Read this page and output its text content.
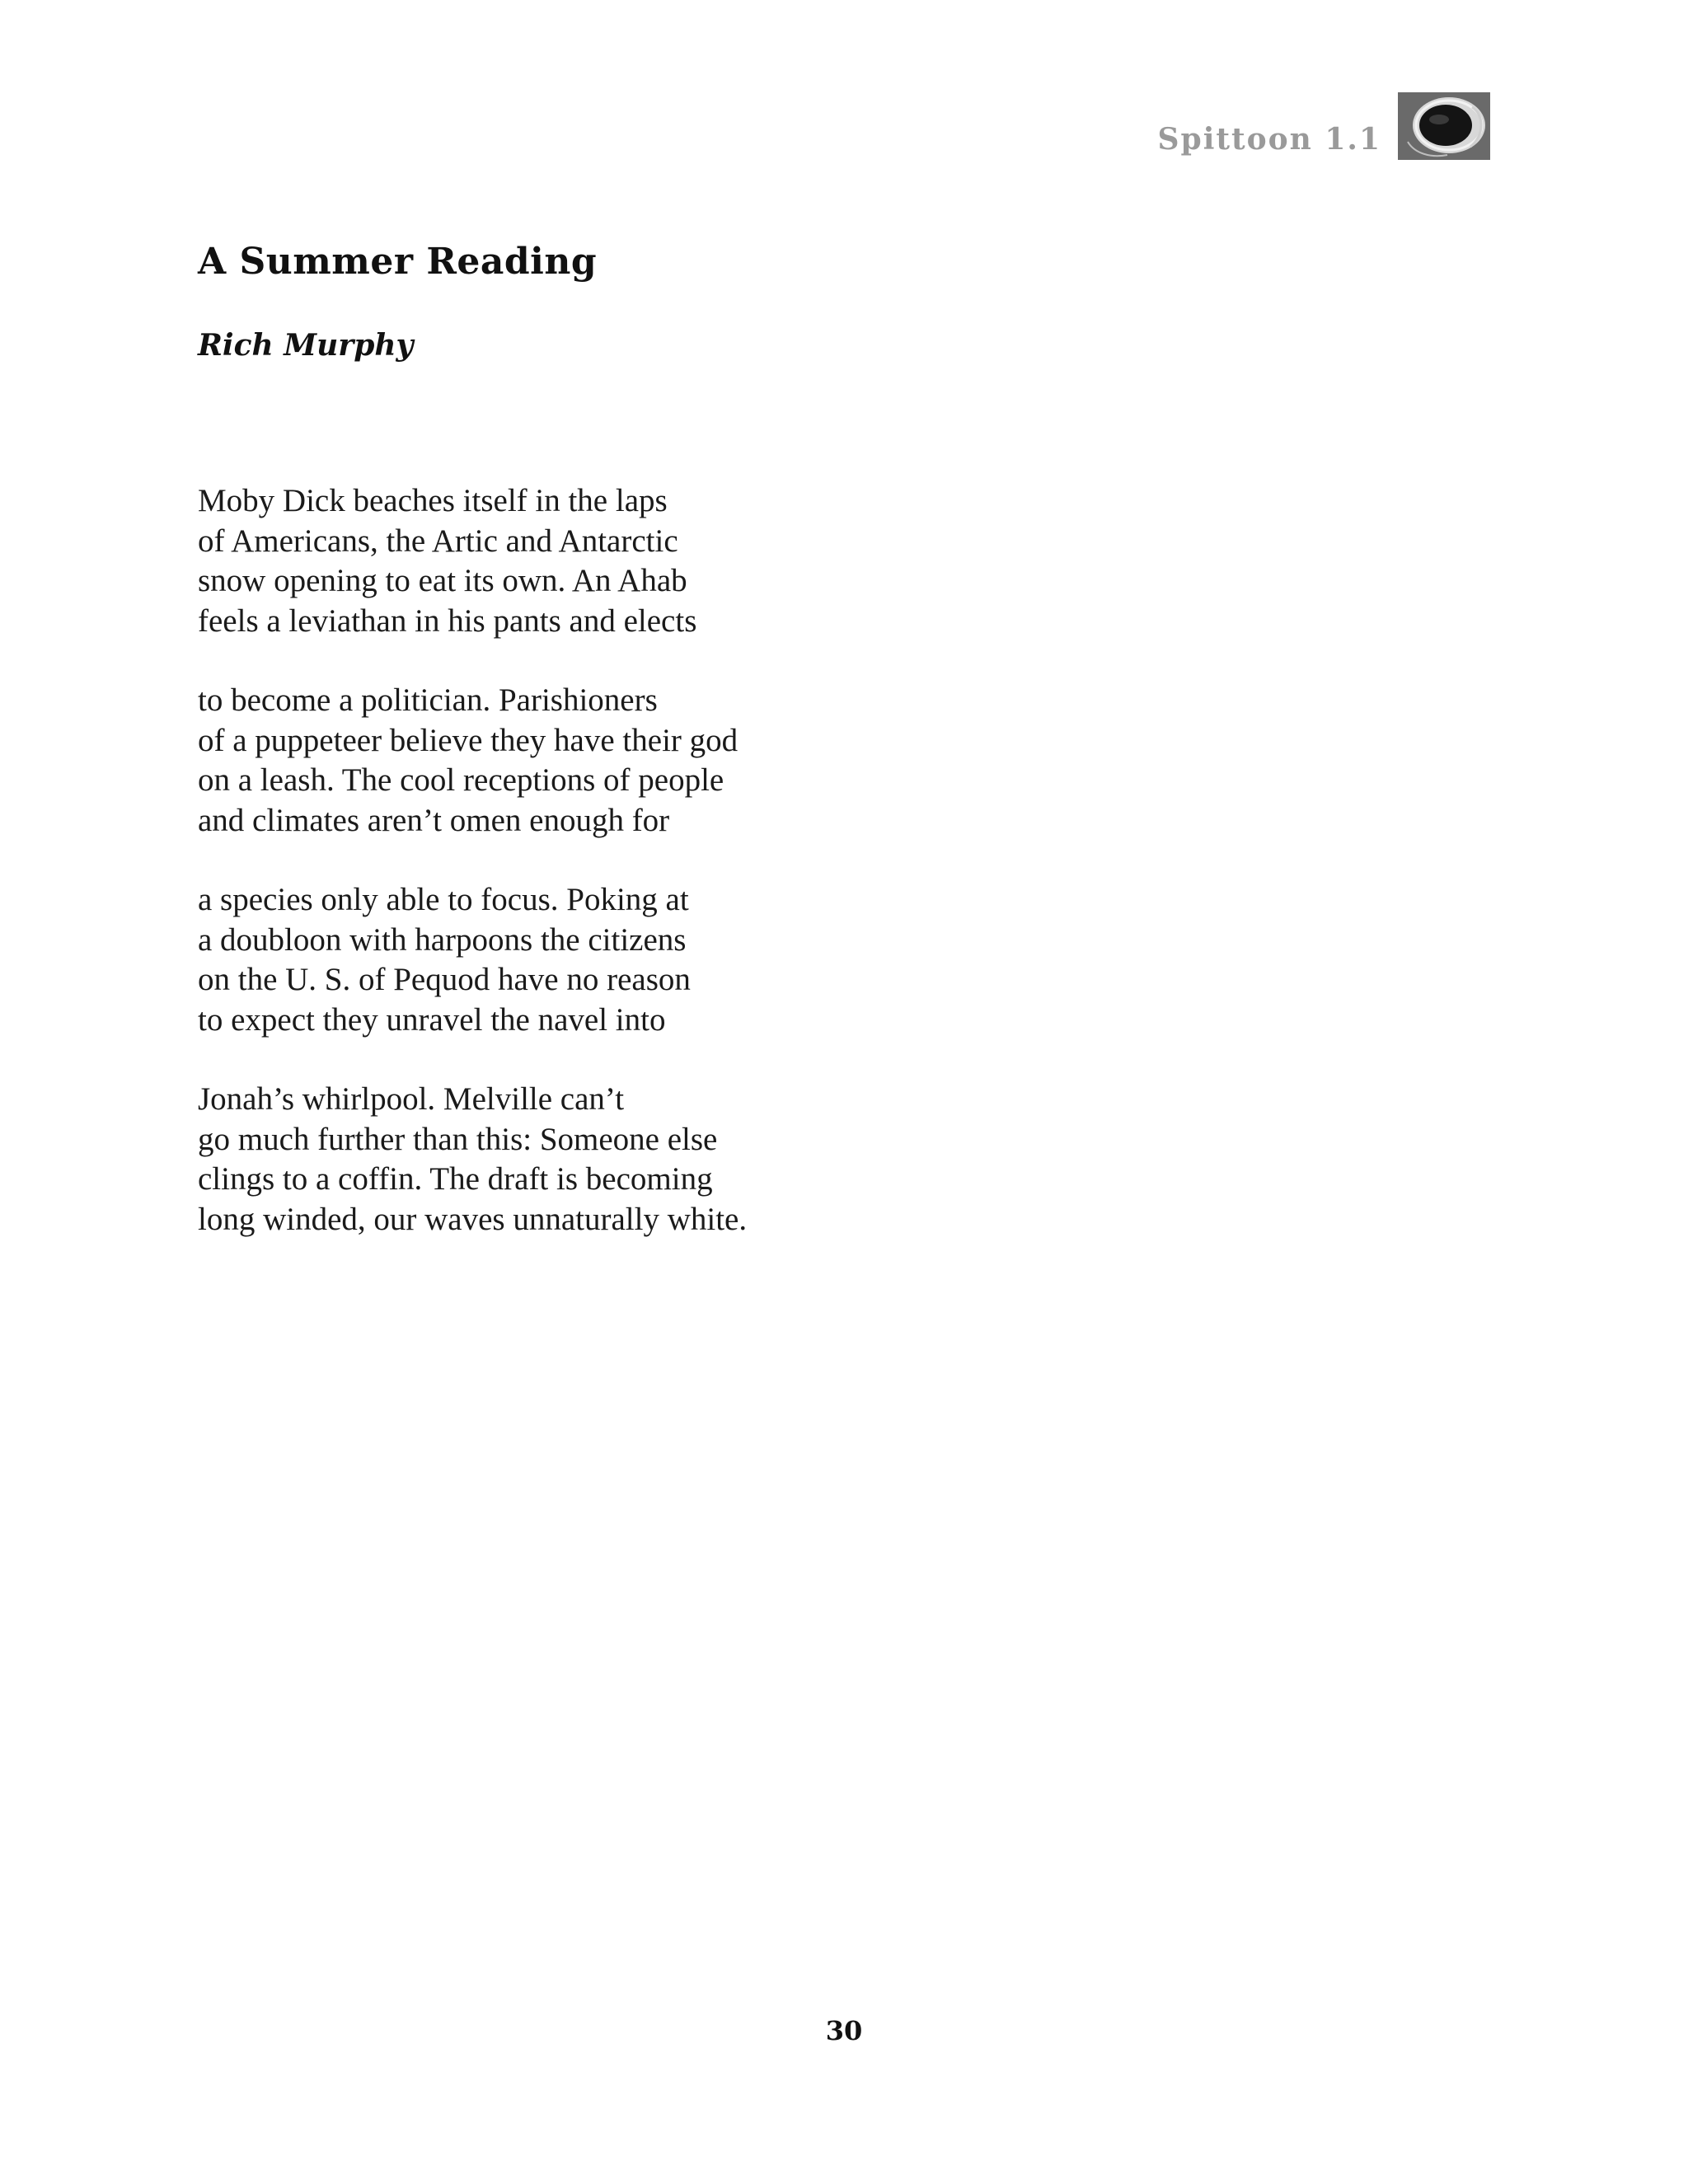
Spittoon 1.1
A Summer Reading
Rich Murphy

Moby Dick beaches itself in the laps
of Americans, the Artic and Antarctic
snow opening to eat its own. An Ahab
feels a leviathan in his pants and elects

to become a politician. Parishioners
of a puppeteer believe they have their god
on a leash. The cool receptions of people
and climates aren’t omen enough for

a species only able to focus. Poking at
a doubloon with harpoons the citizens
on the U. S. of Pequod have no reason
to expect they unravel the navel into

Jonah’s whirlpool. Melville can’t
go much further than this: Someone else
clings to a coffin. The draft is becoming
long winded, our waves unnaturally white.

30
